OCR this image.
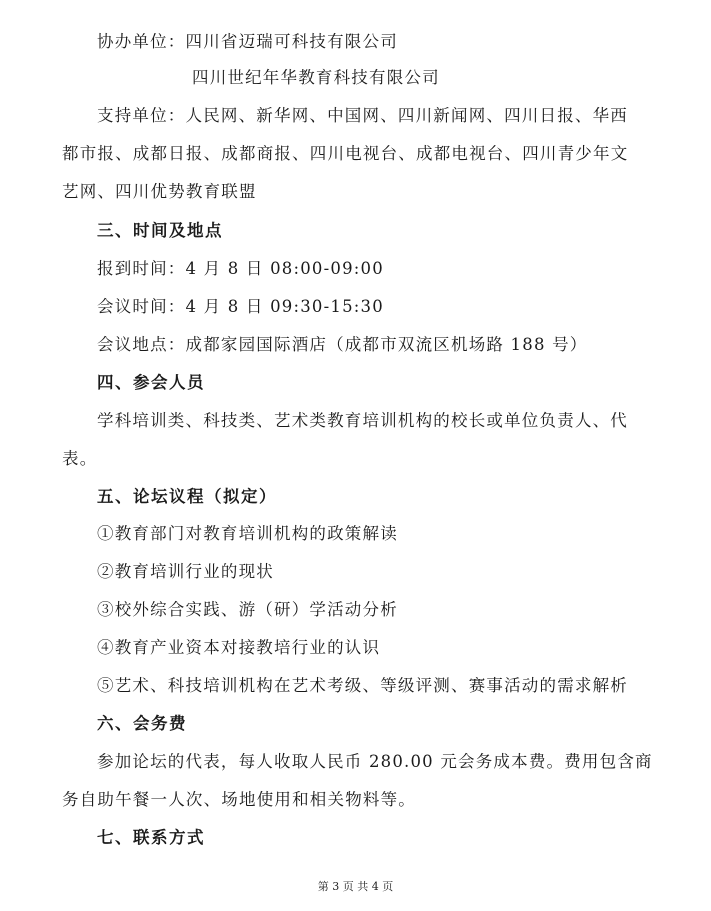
协办单位：四川省迈瑞可科技有限公司
四川世纪年华教育科技有限公司
支持单位：人民网、新华网、中国网、四川新闻网、四川日报、华西
都市报、成都日报、成都商报、四川电视台、成都电视台、四川青少年文
艺网、四川优势教育联盟
三、时间及地点
报到时间：4 月 8 日 08:00-09:00
会议时间：4 月 8 日 09:30-15:30
会议地点：成都家园国际酒店（成都市双流区机场路 188 号）
四、参会人员
学科培训类、科技类、艺术类教育培训机构的校长或单位负责人、代
表。
五、论坛议程（拟定）
①教育部门对教育培训机构的政策解读
②教育培训行业的现状
③校外综合实践、游（研）学活动分析
④教育产业资本对接教培行业的认识
⑤艺术、科技培训机构在艺术考级、等级评测、赛事活动的需求解析
六、会务费
参加论坛的代表，每人收取人民币 280.00 元会务成本费。费用包含商
务自助午餐一人次、场地使用和相关物料等。
七、联系方式
第 3 页 共 4 页
